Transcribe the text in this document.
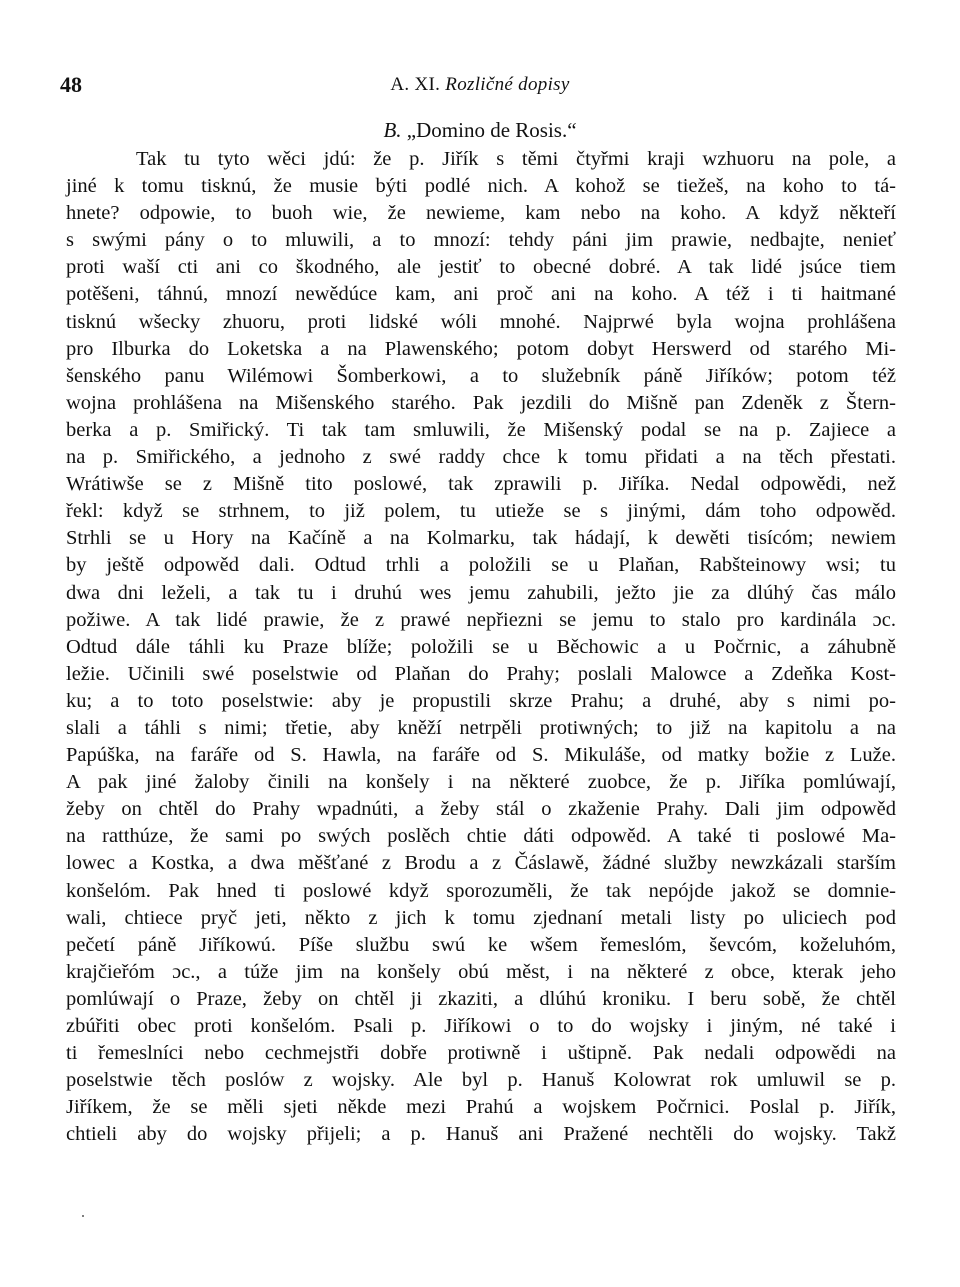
48	A. XI. Rozličné dopisy
B. „Domino de Rosis.“
Tak tu tyto wěci jdú: že p. Jiřík s těmi čtyřmi kraji wzhuoru na pole, a
jiné k tomu tisknú, že musie býti podlé nich. A kohož se tiežeš, na koho to tá-
hnete? odpowie, to buoh wie, že newieme, kam nebo na koho. A když někteří
s swými pány o to mluwili, a to mnozí: tehdy páni jim prawie, nedbajte, nenieť
proti waší cti ani co škodného, ale jestiť to obecné dobré. A tak lidé jsúce tiem
potěšeni, táhnú, mnozí newědúce kam, ani proč ani na koho. A též i ti haitmané
tisknú wšecky zhuoru, proti lidské wóli mnohé. Najprwé byla wojna prohlášena
pro Ilburka do Loketska a na Plawenského; potom dobyt Herswerd od starého Mi-
šenského panu Wilémowi Šomberkowi, a to služebník páně Jiříków; potom též
wojna prohlášena na Mišenského starého. Pak jezdili do Mišně pan Zdeněk z Štern-
berka a p. Smiřický. Ti tak tam smluwili, že Mišenský podal se na p. Zajiece a
na p. Smiřického, a jednoho z swé raddy chce k tomu přidati a na těch přestati.
Wrátiwše se z Mišně tito poslowé, tak zprawili p. Jiříka. Nedal odpowědi, než
řekl: když se strhnem, to již polem, tu utieže se s jinými, dám toho odpowěd.
Strhli se u Hory na Kačíně a na Kolmarku, tak hádají, k dewěti tisícóm; newiem
by ještě odpowěd dali. Odtud trhli a položili se u Plaňan, Rabšteinowy wsi; tu
dwa dni leželi, a tak tu i druhú wes jemu zahubili, ježto jie za dlúhý čas málo
požiwe. A tak lidé prawie, že z prawé nepřiezni se jemu to stalo pro kardinála ɔc.
Odtud dále táhli ku Praze blíže; položili se u Běchowic a u Počrnic, a záhubně
ležie. Učinili swé poselstwie od Plaňan do Prahy; poslali Malowce a Zdeňka Kost-
ku; a to toto poselstwie: aby je propustili skrze Prahu; a druhé, aby s nimi po-
slali a táhli s nimi; třetie, aby kněží netrpěli protiwných; to již na kapitolu a na
Papúška, na faráře od S. Hawla, na faráře od S. Mikuláše, od matky božie z Luže.
A pak jiné žaloby činili na konšely i na některé zuobce, že p. Jiříka pomlúwají,
žeby on chtěl do Prahy wpadnúti, a žeby stál o zkaženie Prahy. Dali jim odpowěd
na ratthúze, že sami po swých poslěch chtie dáti odpowěd. A také ti poslowé Ma-
lowec a Kostka, a dwa měšťané z Brodu a z Čáslawě, žádné služby newzkázali starším
konšelóm. Pak hned ti poslowé když sporozuměli, že tak nepójde jakož se domnie-
wali, chtiece pryč jeti, někto z jich k tomu zjednaní metali listy po uliciech pod
pečetí páně Jiříkowú. Píše službu swú ke wšem řemeslóm, ševcóm, koželuhóm,
krajčieřóm ɔc., a túže jim na konšely obú měst, i na některé z obce, kterak jeho
pomlúwají o Praze, žeby on chtěl ji zkaziti, a dlúhú kroniku. I beru sobě, že chtěl
zbúřiti obec proti konšelóm. Psali p. Jiříkowi o to do wojsky i jiným, né také i
ti řemeslníci nebo cechmejstři dobře protiwně i uštipně. Pak nedali odpowědi na
poselstwie těch poslów z wojsky. Ale byl p. Hanuš Kolowrat rok umluwil se p.
Jiříkem, že se měli sjeti někde mezi Prahú a wojskem Počrnici. Poslal p. Jiřík,
chtieli aby do wojsky přijeli; a p. Hanuš ani Pražené nechtěli do wojsky. Takž
